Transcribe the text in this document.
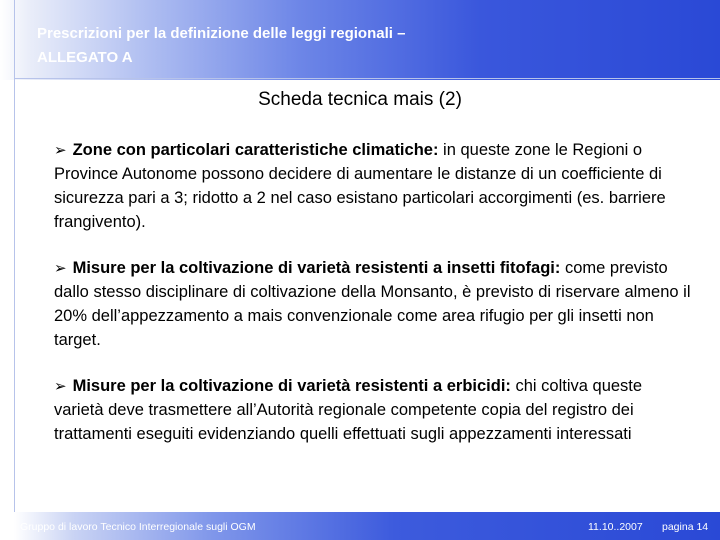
Prescrizioni per la definizione delle leggi regionali –
ALLEGATO A
Scheda tecnica mais (2)
➢ Zone con particolari caratteristiche climatiche: in queste zone le Regioni o Province Autonome possono decidere di aumentare le distanze di un coefficiente di sicurezza pari a 3; ridotto a 2 nel caso esistano particolari accorgimenti (es. barriere frangivento).
➢ Misure per la coltivazione di varietà resistenti a insetti fitofagi: come previsto dallo stesso disciplinare di coltivazione della Monsanto, è previsto di riservare almeno il 20% dell’appezzamento a mais convenzionale come area rifugio per gli insetti non target.
➢ Misure per la coltivazione di varietà resistenti a erbicidi: chi coltiva queste varietà deve trasmettere all’Autorità regionale competente copia del registro dei trattamenti eseguiti evidenziando quelli effettuati sugli appezzamenti interessati

Gruppo di lavoro Tecnico Interregionale sugli OGM	11.10..2007 pagina 14
